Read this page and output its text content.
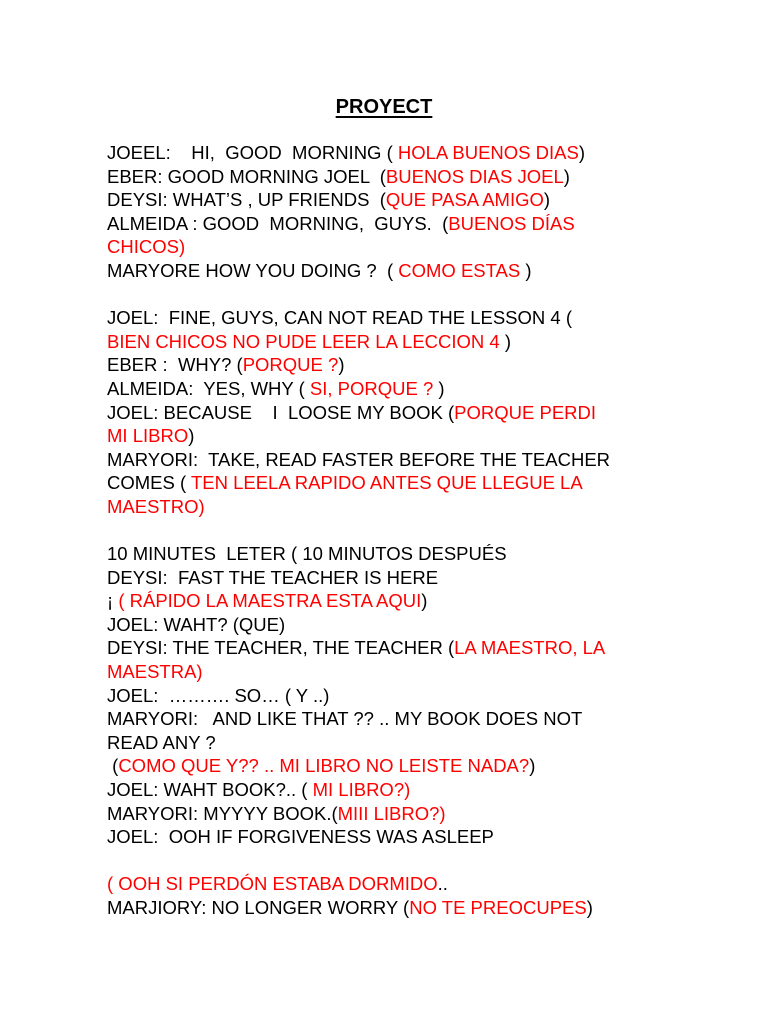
PROYECT
JOEEL:    HI,  GOOD  MORNING ( HOLA BUENOS DIAS)
EBER: GOOD MORNING JOEL  (BUENOS DIAS JOEL)
DEYSI: WHAT’S , UP FRIENDS  (QUE PASA AMIGO)
ALMEIDA : GOOD  MORNING,  GUYS.  (BUENOS DÍAS
CHICOS)
MARYORE HOW YOU DOING ?  ( COMO ESTAS )
JOEL:  FINE, GUYS, CAN NOT READ THE LESSON 4 (
BIEN CHICOS NO PUDE LEER LA LECCION 4 )
EBER :  WHY? (PORQUE ?)
ALMEIDA:  YES, WHY ( SI, PORQUE ? )
JOEL: BECAUSE    I  LOOSE MY BOOK (PORQUE PERDI
MI LIBRO)
MARYORI:  TAKE, READ FASTER BEFORE THE TEACHER
COMES ( TEN LEELA RAPIDO ANTES QUE LLEGUE LA
MAESTRO)
10 MINUTES  LETER ( 10 MINUTOS DESPUÉS
DEYSI:  FAST THE TEACHER IS HERE
¡ ( RÁPIDO LA MAESTRA ESTA AQUI)
JOEL: WAHT? (QUE)
DEYSI: THE TEACHER, THE TEACHER (LA MAESTRO, LA
MAESTRA)
JOEL:  ………. SO… ( Y ..)
MARYORI:   AND LIKE THAT ?? .. MY BOOK DOES NOT
READ ANY ?
(COMO QUE Y?? .. MI LIBRO NO LEISTE NADA?)
JOEL: WAHT BOOK?.. ( MI LIBRO?)
MARYORI: MYYYY BOOK.(MIII LIBRO?)
JOEL:  OOH IF FORGIVENESS WAS ASLEEP
( OOH SI PERDÓN ESTABA DORMIDO..
MARJIORY: NO LONGER WORRY (NO TE PREOCUPES)
